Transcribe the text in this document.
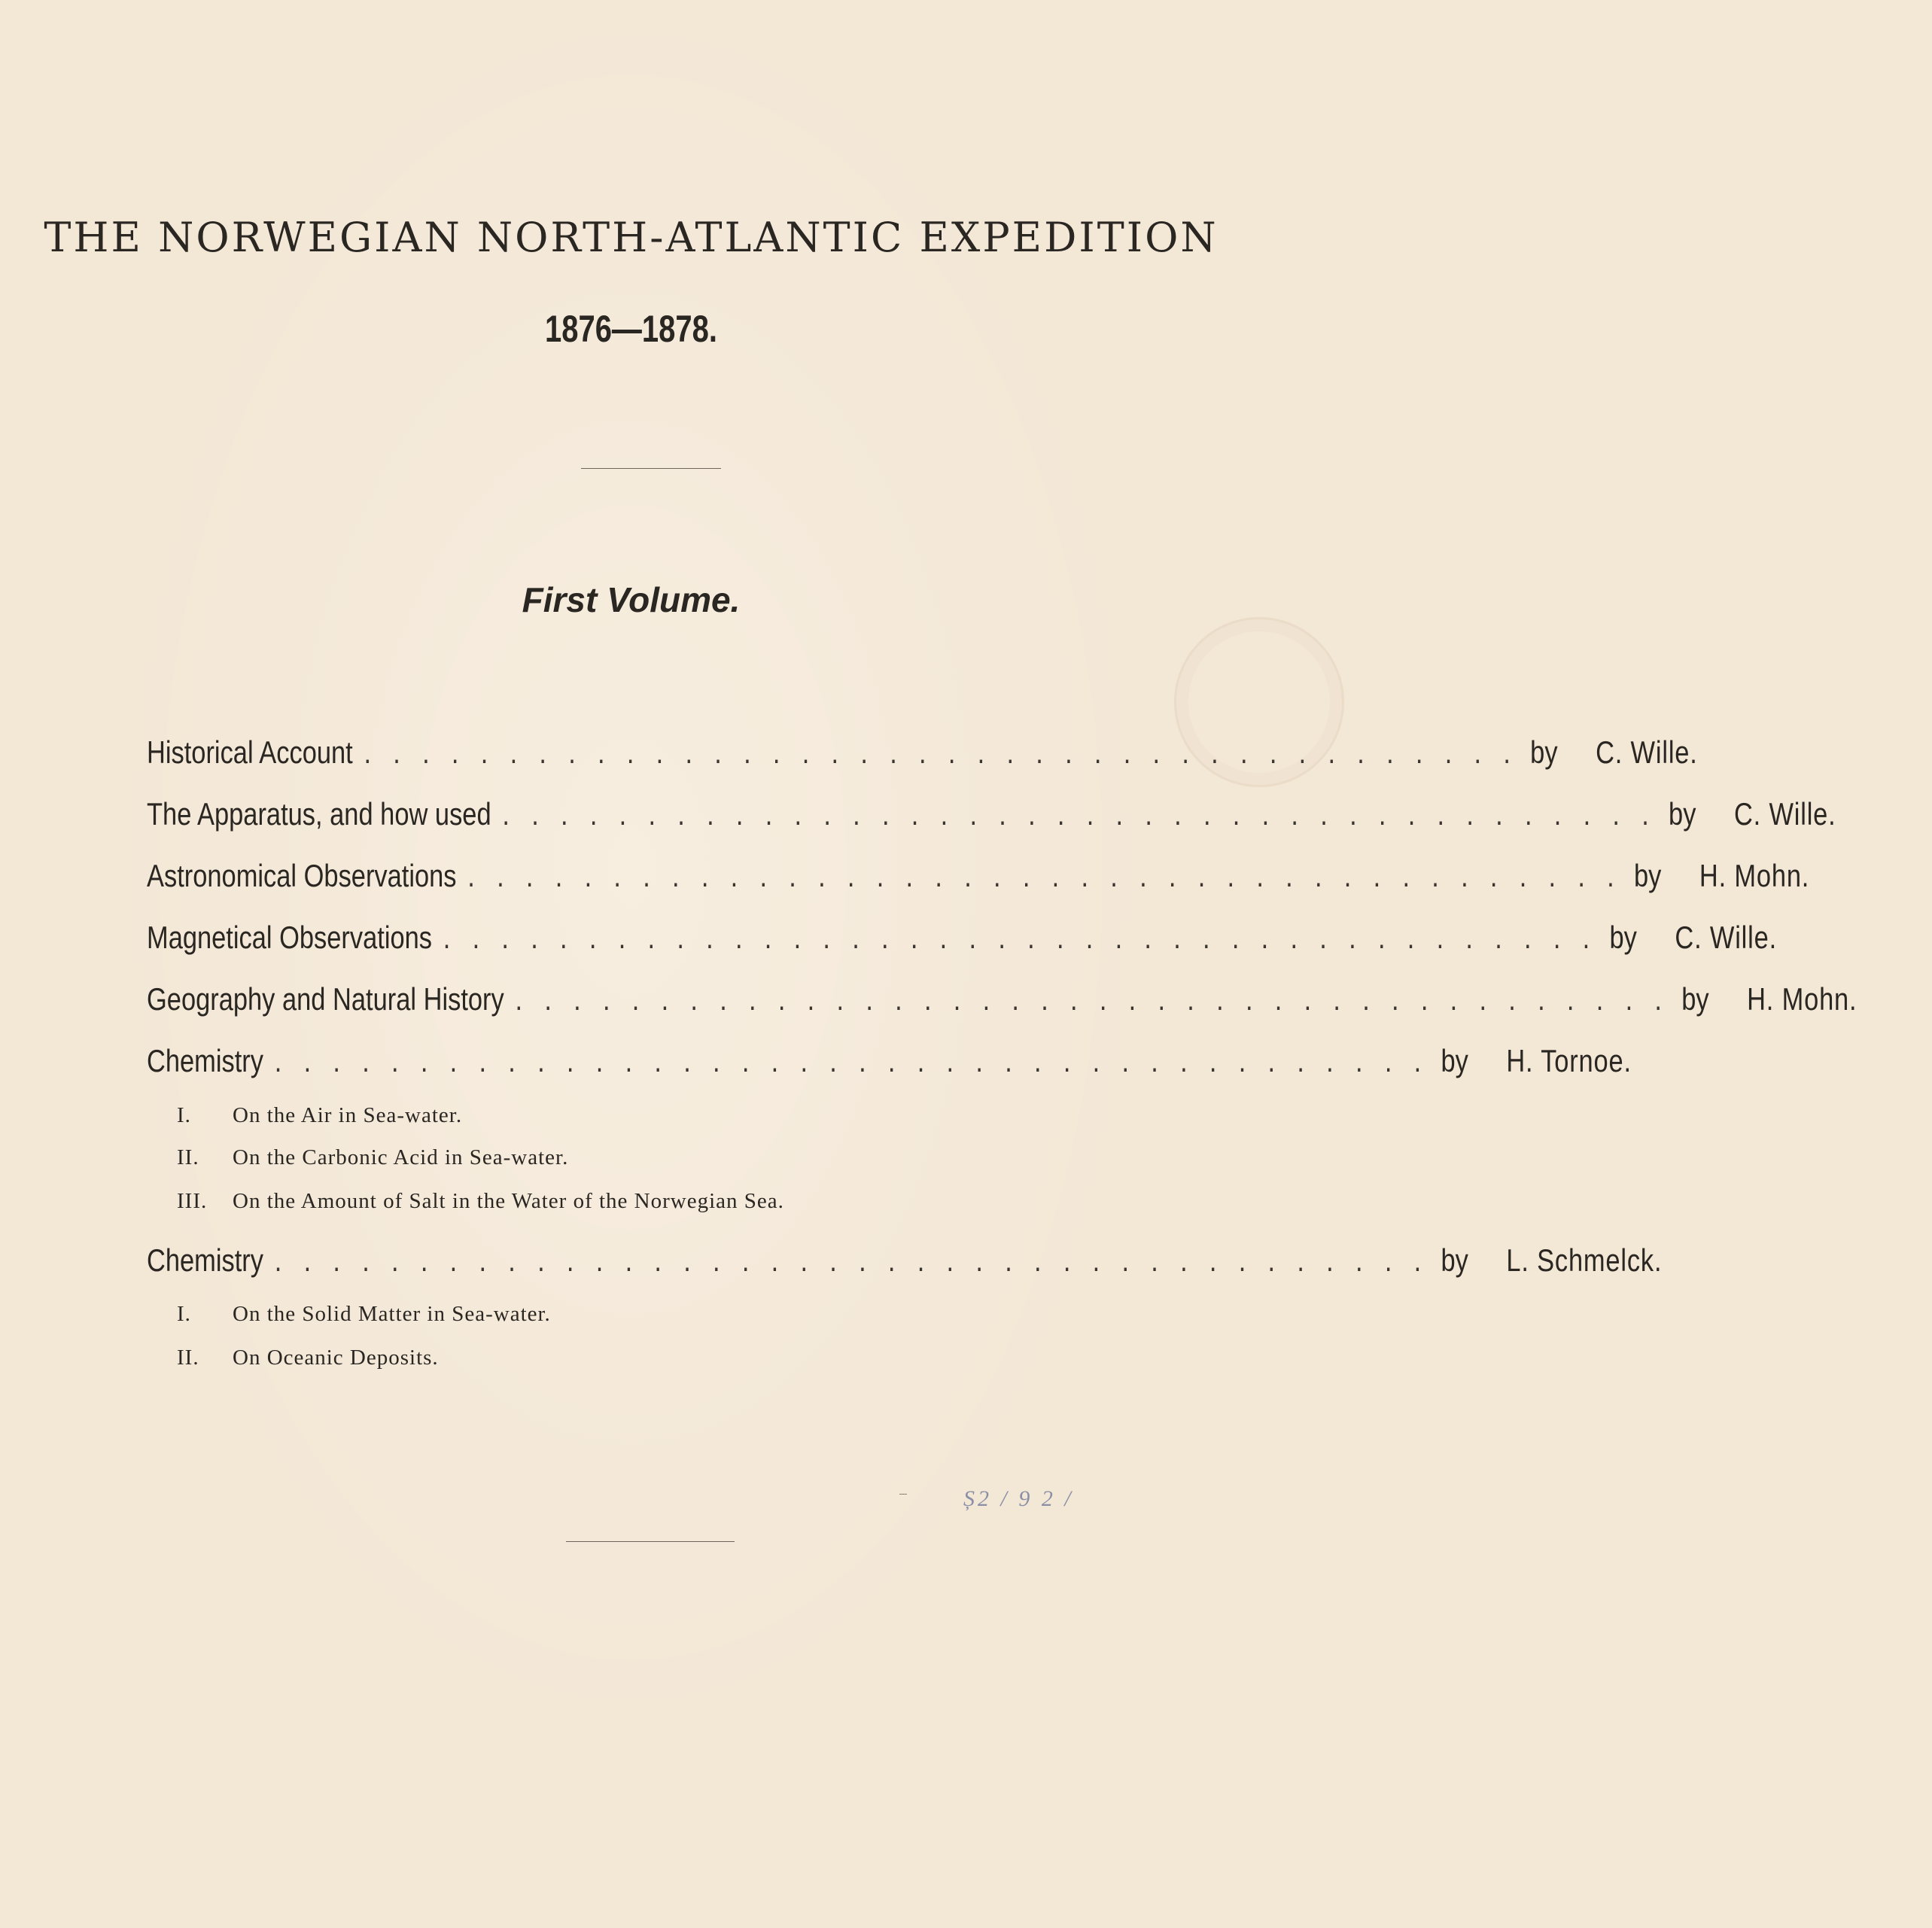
THE NORWEGIAN NORTH-ATLANTIC EXPEDITION
1876—1878.
First Volume.
Historical Account . . . . . . . . . . . . . . . . . . . . . . . . . . . . . . . . . . . . . . . . by	C. Wille.
The Apparatus, and how used . . . . . . . . . . . . . . . . . . . . . . . . . . . . . . . . . . . . . . . . by	C. Wille.
Astronomical Observations . . . . . . . . . . . . . . . . . . . . . . . . . . . . . . . . . . . . . . . . by	H. Mohn.
Magnetical Observations . . . . . . . . . . . . . . . . . . . . . . . . . . . . . . . . . . . . . . . . by	C. Wille.
Geography and Natural History . . . . . . . . . . . . . . . . . . . . . . . . . . . . . . . . . . . . . . . . by	H. Mohn.
Chemistry . . . . . . . . . . . . . . . . . . . . . . . . . . . . . . . . . . . . . . . . by	H. Tornoe.
I. On the Air in Sea-water.
II. On the Carbonic Acid in Sea-water.
III. On the Amount of Salt in the Water of the Norwegian Sea.
Chemistry . . . . . . . . . . . . . . . . . . . . . . . . . . . . . . . . . . . . . . . . by	L. Schmelck.
I. On the Solid Matter in Sea-water.
II. On Oceanic Deposits.
Ș2 / 9 2 /
